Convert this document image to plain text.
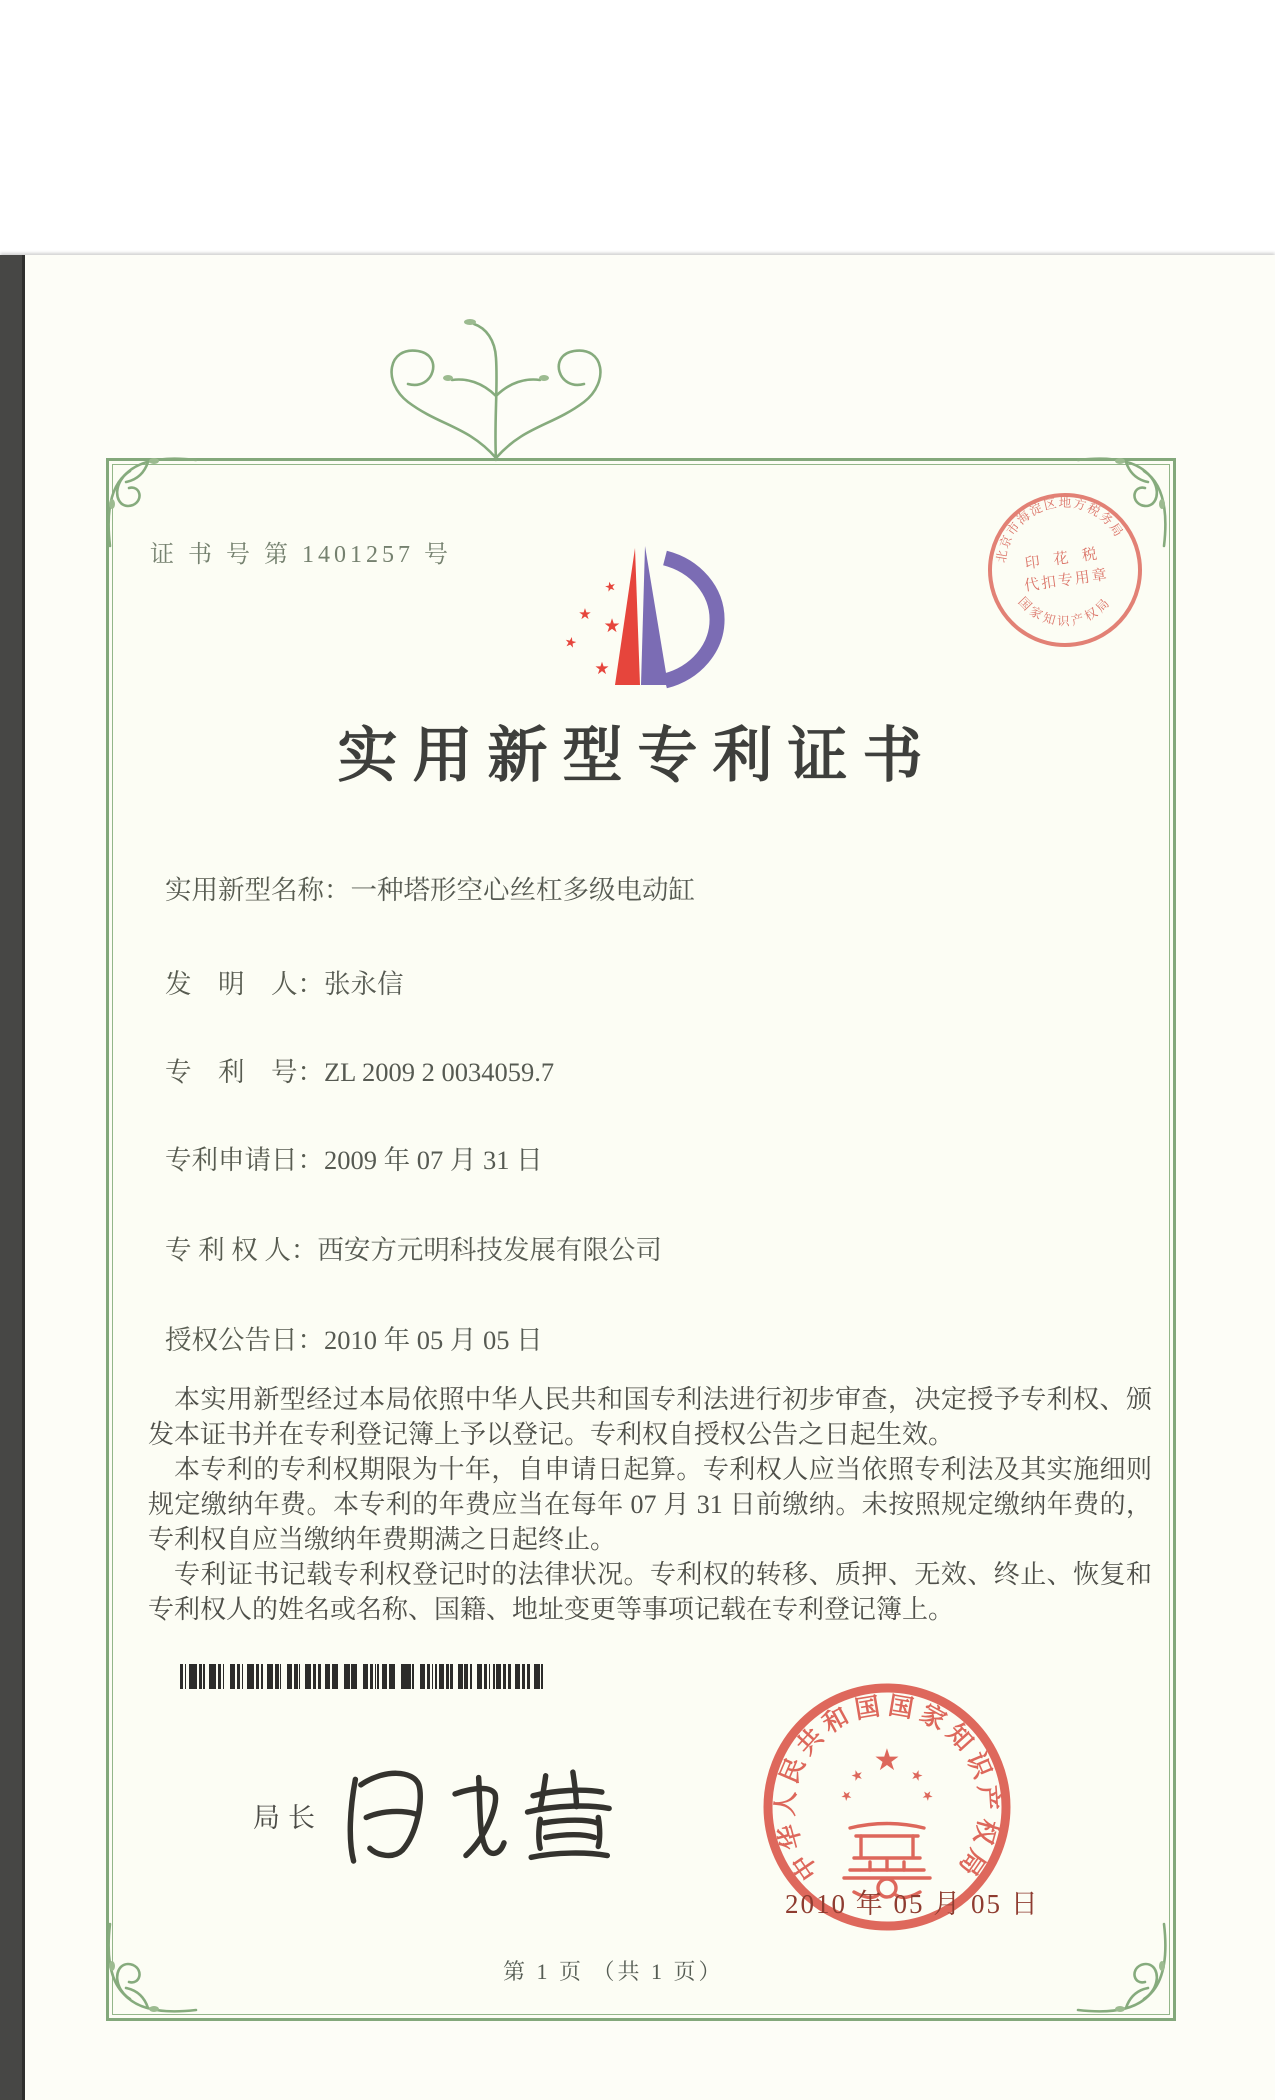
证 书 号 第 1401257 号
★
★
★
★
★
北京市海淀区地方税务局
国家知识产权局
印 花 税
代扣专用章
实用新型专利证书
实用新型名称：一种塔形空心丝杠多级电动缸
发　明　人：张永信
专　利　号：ZL 2009 2 0034059.7
专利申请日：2009 年 07 月 31 日
专 利 权 人：西安方元明科技发展有限公司
授权公告日：2010 年 05 月 05 日

本实用新型经过本局依照中华人民共和国专利法进行初步审查，决定授予专利权、颁发本证书并在专利登记簿上予以登记。专利权自授权公告之日起生效。

本专利的专利权期限为十年，自申请日起算。专利权人应当依照专利法及其实施细则规定缴纳年费。本专利的年费应当在每年 07 月 31 日前缴纳。未按照规定缴纳年费的，专利权自应当缴纳年费期满之日起终止。

专利证书记载专利权登记时的法律状况。专利权的转移、质押、无效、终止、恢复和专利权人的姓名或名称、国籍、地址变更等事项记载在专利登记簿上。

局长
中华人民共和国国家知识产权局
★
★	★
★	★
2010 年 05 月 05 日
第 1 页 （共 1 页）
